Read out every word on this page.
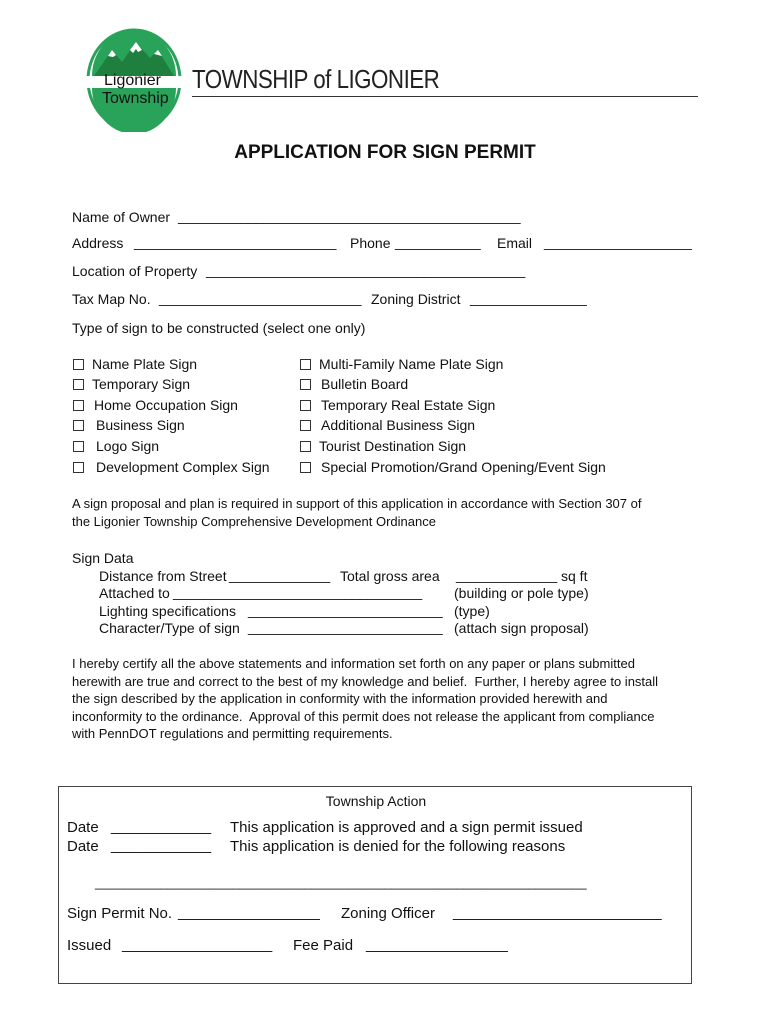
Ligonier
Township
TOWNSHIP of LIGONIER
APPLICATION FOR SIGN PERMIT
Name of Owner ____________________________________________
Address __________________________ Phone ___________ Email ___________________
Location of Property _________________________________________
Tax Map No. __________________________ Zoning District _______________
Type of sign to be constructed (select one only)
Name Plate Sign
Temporary Sign
Home Occupation Sign
Business Sign
Logo Sign
Development Complex Sign
Multi-Family Name Plate Sign
Bulletin Board
Temporary Real Estate Sign
Additional Business Sign
Tourist Destination Sign
Special Promotion/Grand Opening/Event Sign
A sign proposal and plan is required in support of this application in accordance with Section 307 of
the Ligonier Township Comprehensive Development Ordinance
Sign Data
Distance from Street _____________ Total gross area _____________ sq ft
Attached to ________________________________ (building or pole type)
Lighting specifications _________________________ (type)
Character/Type of sign _________________________ (attach sign proposal)
I hereby certify all the above statements and information set forth on any paper or plans submitted
herewith are true and correct to the best of my knowledge and belief.  Further, I hereby agree to install
the sign described by the application in conformity with the information provided herewith and
inconformity to the ordinance.  Approval of this permit does not release the applicant from compliance
with PennDOT regulations and permitting requirements.
Township Action
Date ____________ This application is approved and a sign permit issued
Date ____________ This application is denied for the following reasons
____________________________________________________________________
Sign Permit No. _________________ Zoning Officer _________________________
Issued __________________ Fee Paid _________________
